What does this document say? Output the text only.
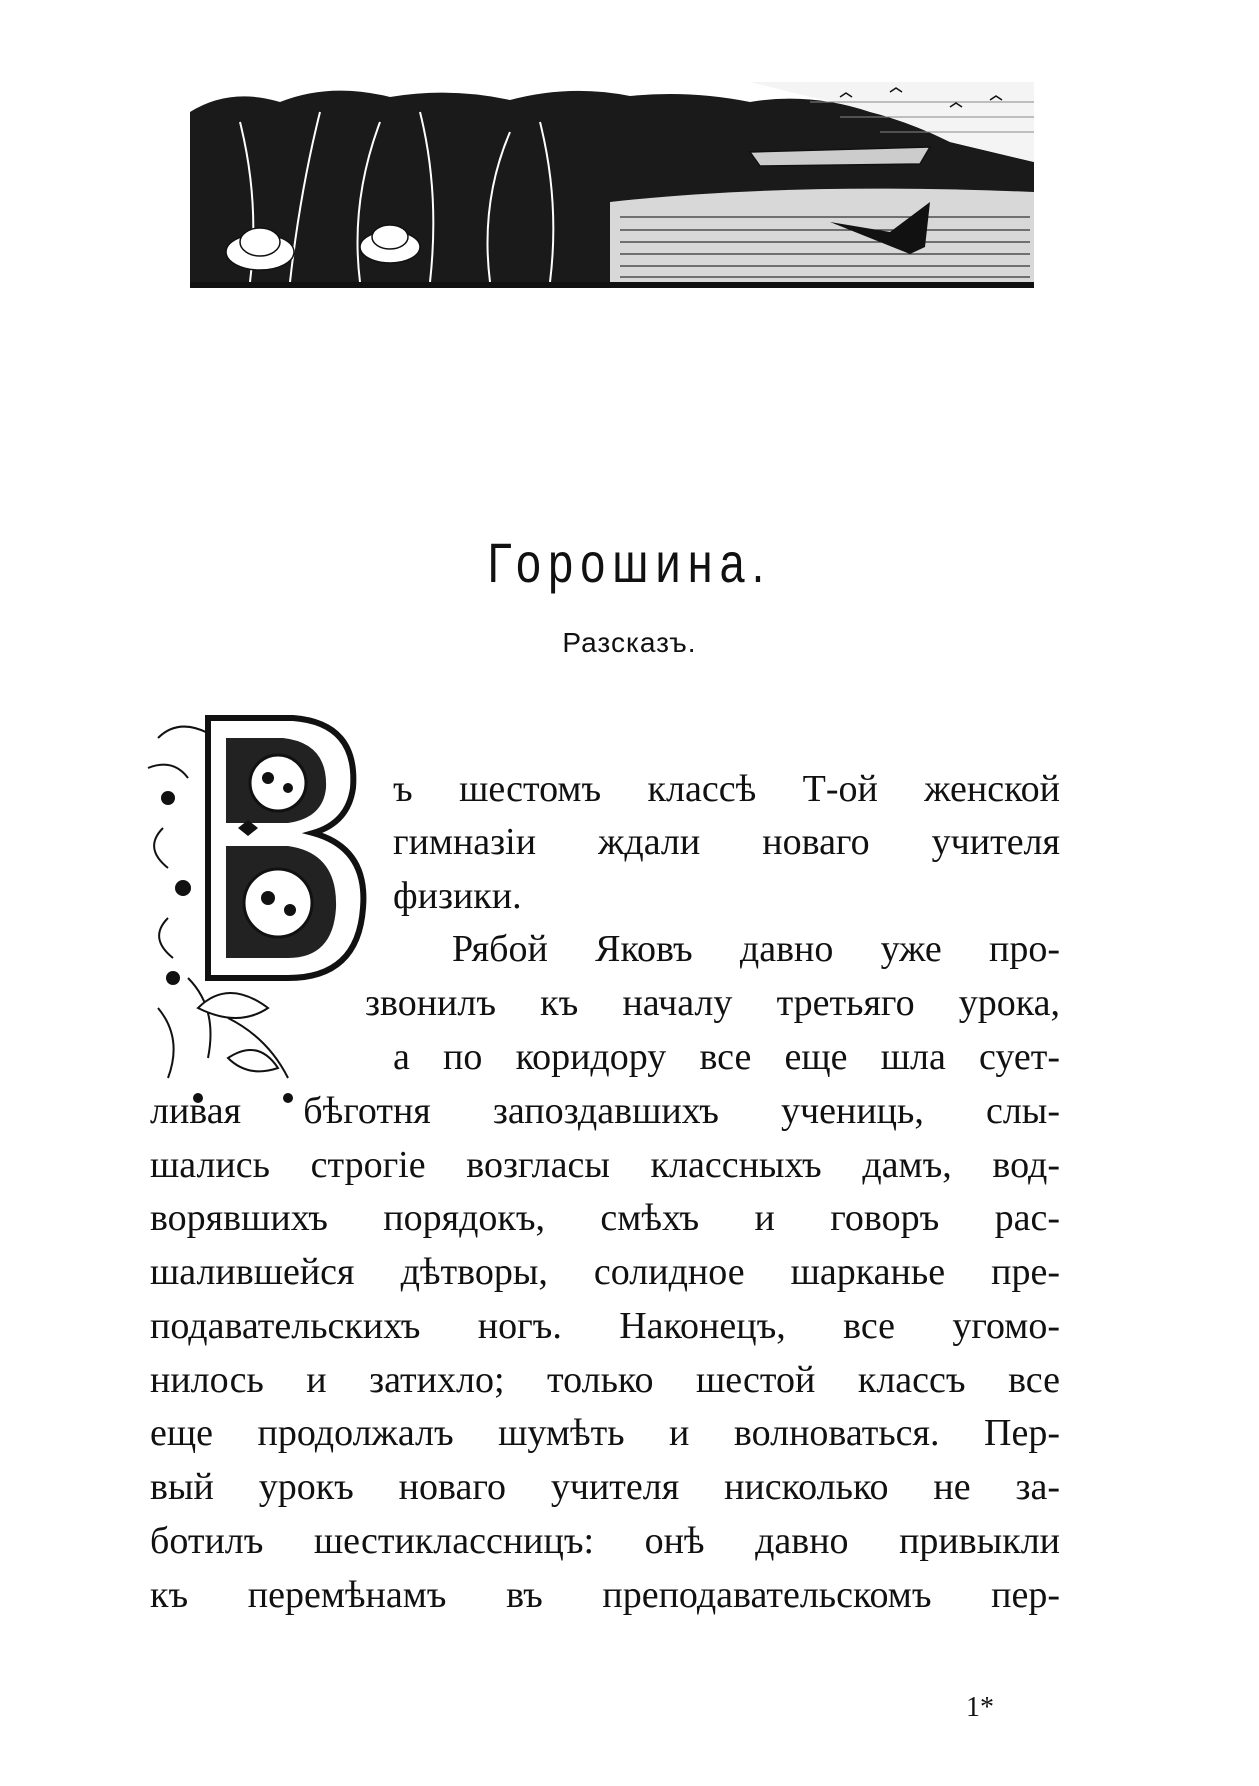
Горошина.
Разсказъ.
ъ шестомъ классѣ Т-ой женской
гимназіи ждали новаго учителя
физики.
Рябой Яковъ давно уже про-
звонилъ къ началу третьяго урока,
а по коридору все еще шла сует-
ливая бѣготня запоздавшихъ учениць, слы-
шались строгіе возгласы классныхъ дамъ, вод-
ворявшихъ порядокъ, смѣхъ и говоръ рас-
шалившейся дѣтворы, солидное шарканье пре-
подавательскихъ ногъ. Наконецъ, все угомо-
нилось и затихло; только шестой классъ все
еще продолжалъ шумѣть и волноваться. Пер-
вый урокъ новаго учителя нисколько не за-
ботилъ шестиклассницъ: онѣ давно привыкли
къ перемѣнамъ въ преподавательскомъ пер-
1*
